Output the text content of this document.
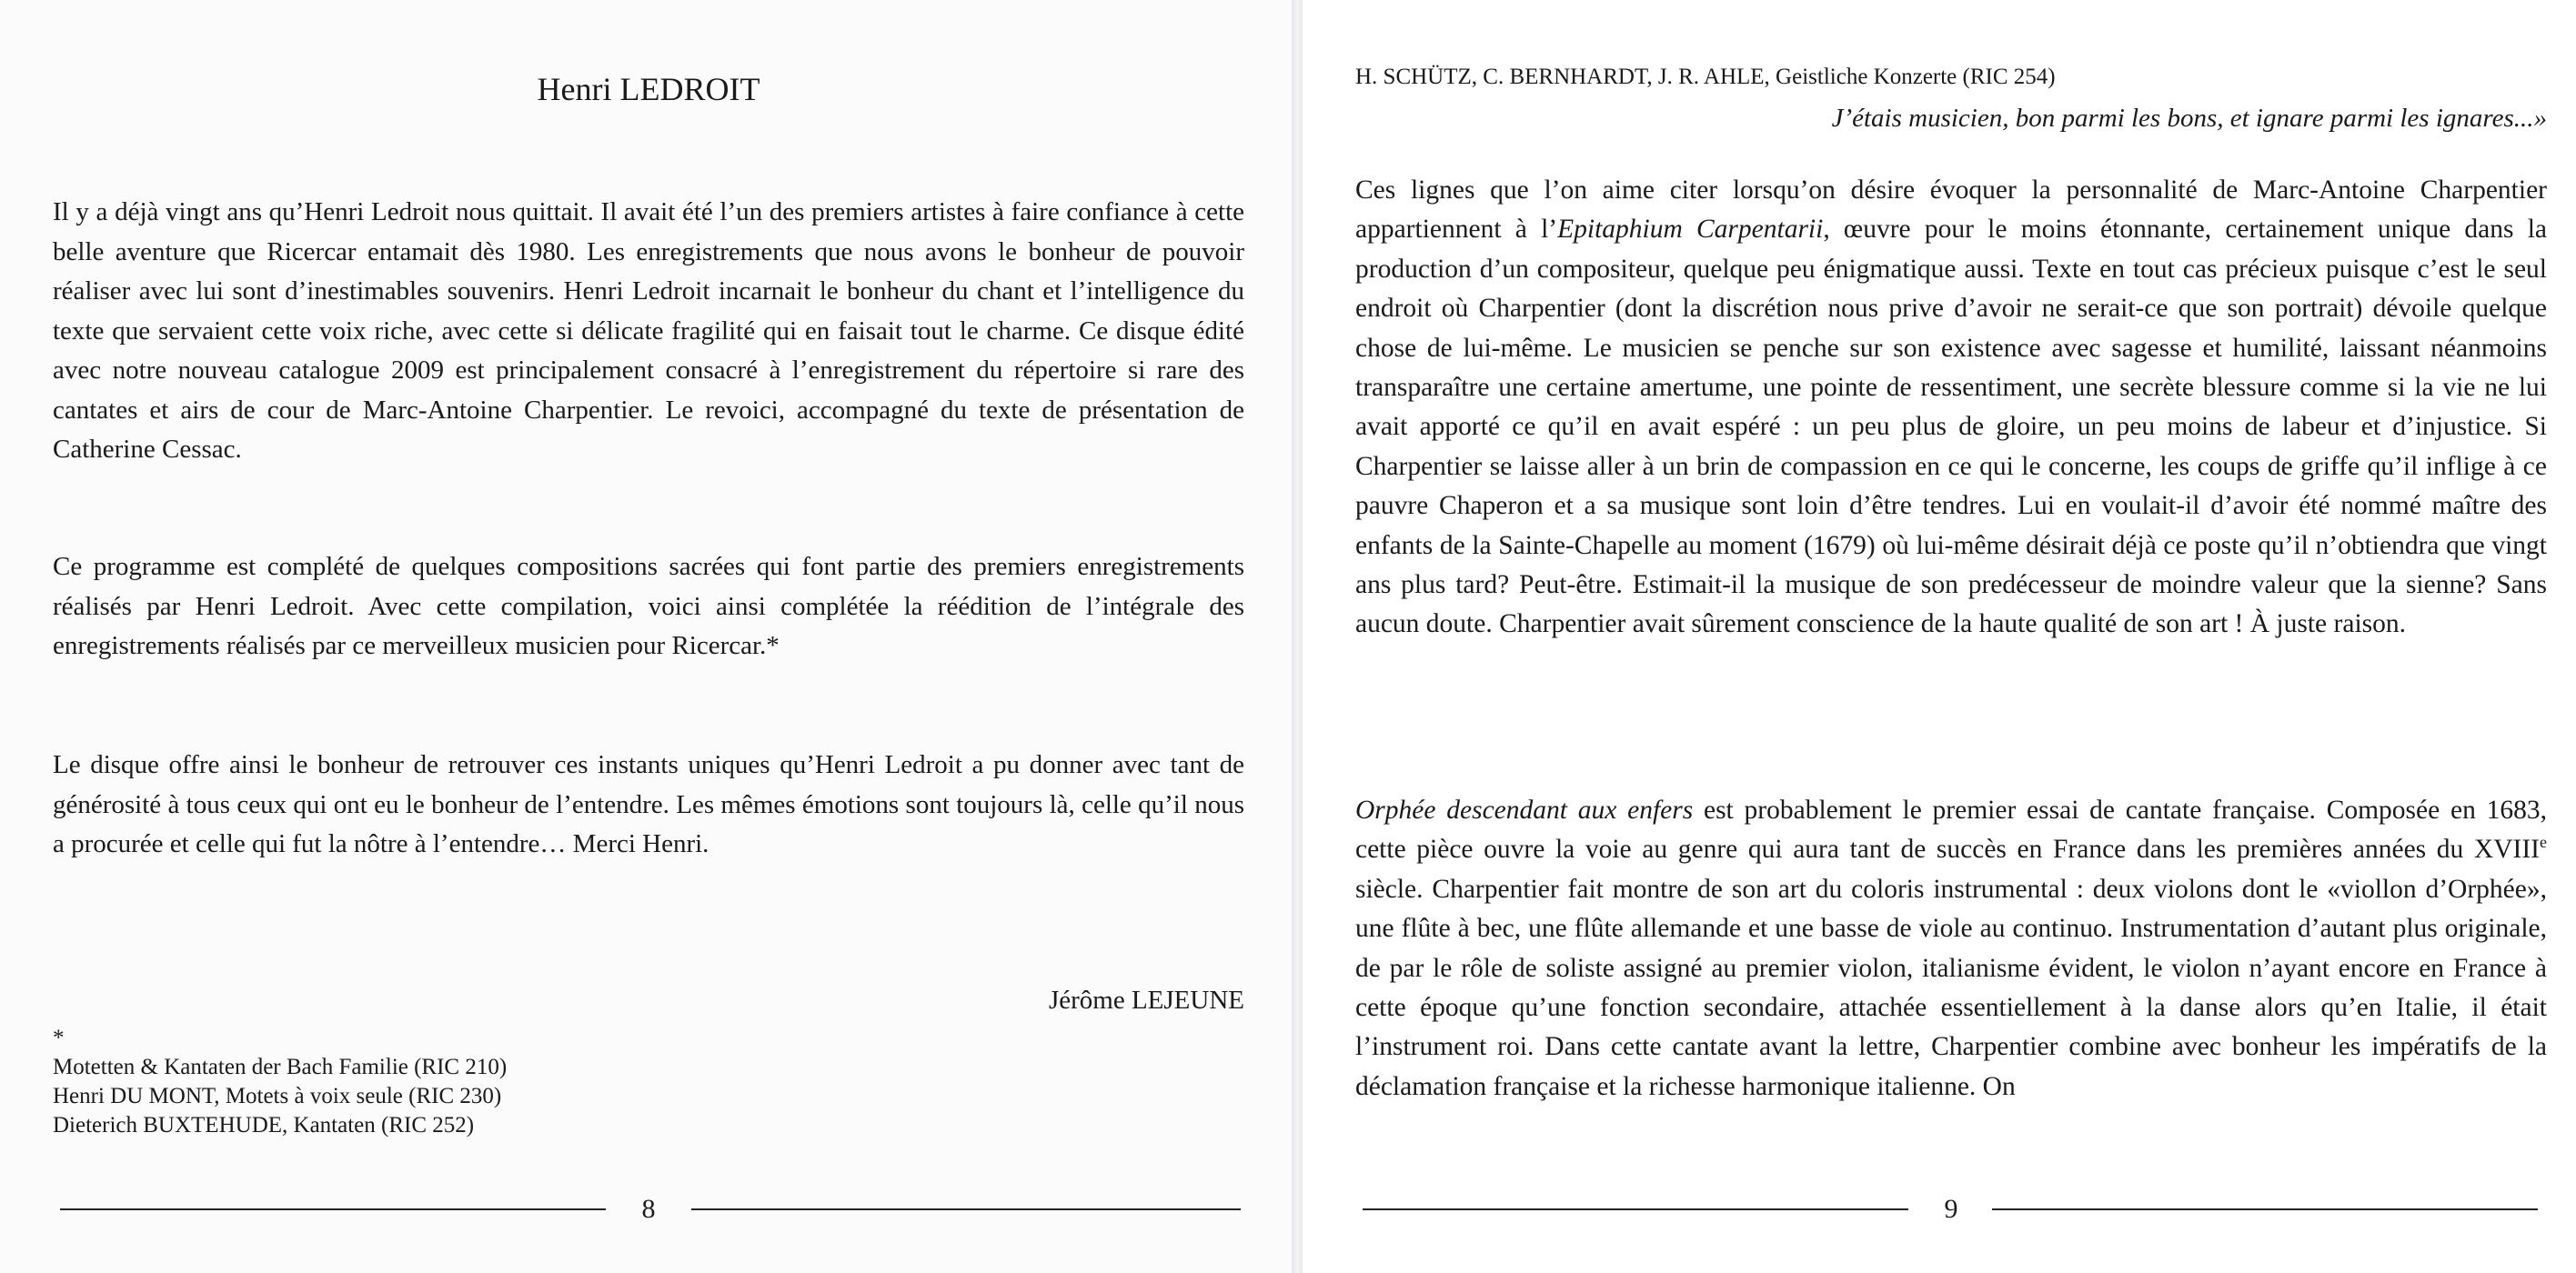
Henri LEDROIT

Il y a déjà vingt ans qu’Henri Ledroit nous quittait. Il avait été l’un des premiers artistes à faire confiance à cette belle aventure que Ricercar entamait dès 1980. Les enregistrements que nous avons le bonheur de pouvoir réaliser avec lui sont d’inestimables souvenirs. Henri Ledroit incarnait le bonheur du chant et l’intelligence du texte que servaient cette voix riche, avec cette si délicate fragilité qui en faisait tout le charme. Ce disque édité avec notre nouveau catalogue 2009 est principalement consacré à l’enregistrement du répertoire si rare des cantates et airs de cour de Marc-Antoine Charpentier. Le revoici, accompagné du texte de présentation de Catherine Cessac.

Ce programme est complété de quelques compositions sacrées qui font partie des premiers enregistrements réalisés par Henri Ledroit. Avec cette compilation, voici ainsi complétée la réédition de l’intégrale des enregistrements réalisés par ce merveilleux musicien pour Ricercar.*

Le disque offre ainsi le bonheur de retrouver ces instants uniques qu’Henri Ledroit a pu donner avec tant de générosité à tous ceux qui ont eu le bonheur de l’entendre. Les mêmes émotions sont toujours là, celle qu’il nous a procurée et celle qui fut la nôtre à l’entendre… Merci Henri.

Jérôme LEJEUNE
*
Motetten & Kantaten der Bach Familie (RIC 210)
Henri DU MONT, Motets à voix seule (RIC 230)
Dieterich BUXTEHUDE, Kantaten (RIC 252)
8
H. SCHÜTZ, C. BERNHARDT, J. R. AHLE, Geistliche Konzerte (RIC 254)
J’étais musicien, bon parmi les bons, et ignare parmi les ignares...»

Ces lignes que l’on aime citer lorsqu’on désire évoquer la personnalité de Marc-Antoine Charpentier appartiennent à l’Epitaphium Carpentarii, œuvre pour le moins étonnante, certainement unique dans la production d’un compositeur, quelque peu énigmatique aussi. Texte en tout cas précieux puisque c’est le seul endroit où Charpentier (dont la discrétion nous prive d’avoir ne serait-ce que son portrait) dévoile quelque chose de lui-même. Le musicien se penche sur son existence avec sagesse et humilité, laissant néanmoins transparaître une certaine amertume, une pointe de ressentiment, une secrète blessure comme si la vie ne lui avait apporté ce qu’il en avait espéré : un peu plus de gloire, un peu moins de labeur et d’injustice. Si Charpentier se laisse aller à un brin de compassion en ce qui le concerne, les coups de griffe qu’il inflige à ce pauvre Chaperon et a sa musique sont loin d’être tendres. Lui en voulait-il d’avoir été nommé maître des enfants de la Sainte-Chapelle au moment (1679) où lui-même désirait déjà ce poste qu’il n’obtiendra que vingt ans plus tard? Peut-être. Estimait-il la musique de son predécesseur de moindre valeur que la sienne? Sans aucun doute. Charpentier avait sûrement conscience de la haute qualité de son art ! À juste raison.

Orphée descendant aux enfers est probablement le premier essai de cantate française. Composée en 1683, cette pièce ouvre la voie au genre qui aura tant de succès en France dans les premières années du XVIIIe siècle. Charpentier fait montre de son art du coloris instrumental : deux violons dont le «viollon d’Orphée», une flûte à bec, une flûte allemande et une basse de viole au continuo. Instrumentation d’autant plus originale, de par le rôle de soliste assigné au premier violon, italianisme évident, le violon n’ayant encore en France à cette époque qu’une fonction secondaire, attachée essentiellement à la danse alors qu’en Italie, il était l’instrument roi. Dans cette cantate avant la lettre, Charpentier combine avec bonheur les impératifs de la déclamation française et la richesse harmonique italienne. On

9
